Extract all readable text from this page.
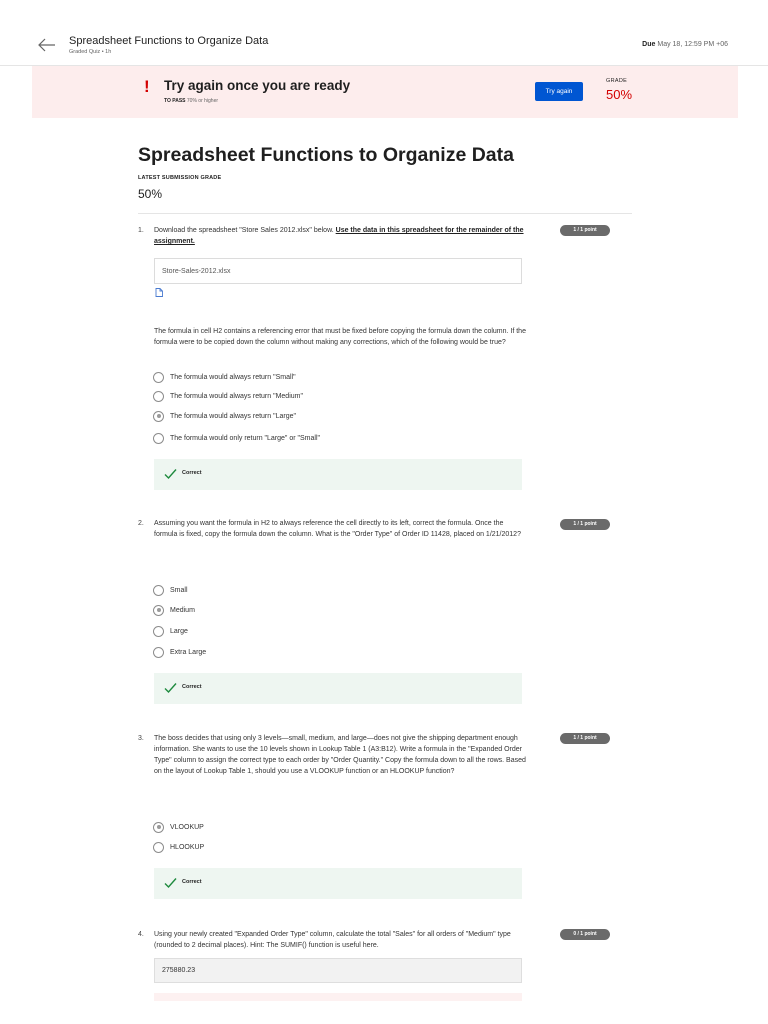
Spreadsheet Functions to Organize Data
Graded Quiz • 1h
Due May 18, 12:59 PM +06
! Try again once you are ready
TO PASS 70% or higher
Try again
GRADE
50%
Spreadsheet Functions to Organize Data
LATEST SUBMISSION GRADE
50%
1. Download the spreadsheet "Store Sales 2012.xlsx" below. Use the data in this spreadsheet for the remainder of the assignment.
1 / 1 point
Store-Sales-2012.xlsx
The formula in cell H2 contains a referencing error that must be fixed before copying the formula down the column. If the formula were to be copied down the column without making any corrections, which of the following would be true?
The formula would always return "Small"
The formula would always return "Medium"
The formula would always return "Large"
The formula would only return "Large" or "Small"
Correct
2. Assuming you want the formula in H2 to always reference the cell directly to its left, correct the formula. Once the formula is fixed, copy the formula down the column. What is the "Order Type" of Order ID 11428, placed on 1/21/2012?
1 / 1 point
Small
Medium
Large
Extra Large
Correct
3. The boss decides that using only 3 levels—small, medium, and large—does not give the shipping department enough information. She wants to use the 10 levels shown in Lookup Table 1 (A3:B12). Write a formula in the "Expanded Order Type" column to assign the correct type to each order by "Order Quantity." Copy the formula down to all the rows. Based on the layout of Lookup Table 1, should you use a VLOOKUP function or an HLOOKUP function?
1 / 1 point
VLOOKUP
HLOOKUP
Correct
4. Using your newly created "Expanded Order Type" column, calculate the total "Sales" for all orders of "Medium" type (rounded to 2 decimal places). Hint: The SUMIF() function is useful here.
0 / 1 point
275880.23
